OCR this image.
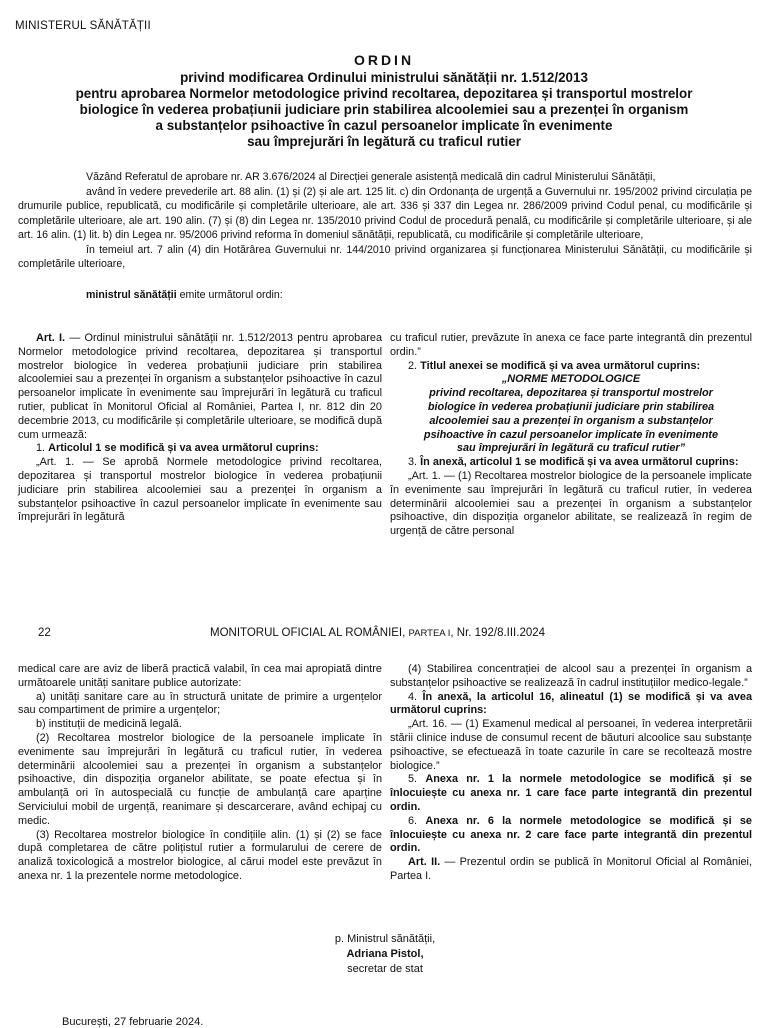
MINISTERUL SĂNĂTĂȚII
ORDIN
privind modificarea Ordinului ministrului sănătății nr. 1.512/2013
pentru aprobarea Normelor metodologice privind recoltarea, depozitarea și transportul mostrelor
biologice în vederea probațiunii judiciare prin stabilirea alcoolemiei sau a prezenței în organism
a substanțelor psihoactive în cazul persoanelor implicate în evenimente
sau împrejurări în legătură cu traficul rutier

Văzând Referatul de aprobare nr. AR 3.676/2024 al Direcției generale asistență medicală din cadrul Ministerului Sănătății,

având în vedere prevederile art. 88 alin. (1) și (2) și ale art. 125 lit. c) din Ordonanța de urgență a Guvernului nr. 195/2002 privind circulația pe drumurile publice, republicată, cu modificările și completările ulterioare, ale art. 336 și 337 din Legea nr. 286/2009 privind Codul penal, cu modificările și completările ulterioare, ale art. 190 alin. (7) și (8) din Legea nr. 135/2010 privind Codul de procedură penală, cu modificările și completările ulterioare, și ale art. 16 alin. (1) lit. b) din Legea nr. 95/2006 privind reforma în domeniul sănătății, republicată, cu modificările și completările ulterioare,

în temeiul art. 7 alin (4) din Hotărârea Guvernului nr. 144/2010 privind organizarea și funcționarea Ministerului Sănătății, cu modificările și completările ulterioare,

ministrul sănătății emite următorul ordin:

Art. I. — Ordinul ministrului sănătății nr. 1.512/2013 pentru aprobarea Normelor metodologice privind recoltarea, depozitarea și transportul mostrelor biologice în vederea probațiunii judiciare prin stabilirea alcoolemiei sau a prezenței în organism a substanțelor psihoactive în cazul persoanelor implicate în evenimente sau împrejurări în legătură cu traficul rutier, publicat în Monitorul Oficial al României, Partea I, nr. 812 din 20 decembrie 2013, cu modificările și completările ulterioare, se modifică după cum urmează:

1. Articolul 1 se modifică și va avea următorul cuprins:

„Art. 1. — Se aprobă Normele metodologice privind recoltarea, depozitarea și transportul mostrelor biologice în vederea probațiunii judiciare prin stabilirea alcoolemiei sau a prezenței în organism a substanțelor psihoactive în cazul persoanelor implicate în evenimente sau împrejurări în legătură

cu traficul rutier, prevăzute în anexa ce face parte integrantă din prezentul ordin.”

2. Titlul anexei se modifică și va avea următorul cuprins:

„NORME METODOLOGICE

privind recoltarea, depozitarea și transportul mostrelor

biologice în vederea probațiunii judiciare prin stabilirea

alcoolemiei sau a prezenței în organism a substanțelor

psihoactive în cazul persoanelor implicate în evenimente

sau împrejurări în legătură cu traficul rutier”

3. În anexă, articolul 1 se modifică și va avea următorul cuprins:

„Art. 1. — (1) Recoltarea mostrelor biologice de la persoanele implicate în evenimente sau împrejurări în legătură cu traficul rutier, în vederea determinării alcoolemiei sau a prezenței în organism a substanțelor psihoactive, din dispoziția organelor abilitate, se realizează în regim de urgență de către personal

22	MONITORUL OFICIAL AL ROMÂNIEI, PARTEA I, Nr. 192/8.III.2024

medical care are aviz de liberă practică valabil, în cea mai apropiată dintre următoarele unități sanitare publice autorizate:

a) unități sanitare care au în structură unitate de primire a urgențelor sau compartiment de primire a urgențelor;

b) instituții de medicină legală.

(2) Recoltarea mostrelor biologice de la persoanele implicate în evenimente sau împrejurări în legătură cu traficul rutier, în vederea determinării alcoolemiei sau a prezenței în organism a substanțelor psihoactive, din dispoziția organelor abilitate, se poate efectua și în ambulanță ori în autospecială cu funcție de ambulanță care aparține Serviciului mobil de urgență, reanimare și descarcerare, având echipaj cu medic.

(3) Recoltarea mostrelor biologice în condițiile alin. (1) și (2) se face după completarea de către polițistul rutier a formularului de cerere de analiză toxicologică a mostrelor biologice, al cărui model este prevăzut în anexa nr. 1 la prezentele norme metodologice.

(4) Stabilirea concentrației de alcool sau a prezenței în organism a substanțelor psihoactive se realizează în cadrul instituțiilor medico-legale.”

4. În anexă, la articolul 16, alineatul (1) se modifică și va avea următorul cuprins:

„Art. 16. — (1) Examenul medical al persoanei, în vederea interpretării stării clinice induse de consumul recent de băuturi alcoolice sau substanțe psihoactive, se efectuează în toate cazurile în care se recoltează mostre biologice.”

5. Anexa nr. 1 la normele metodologice se modifică și se înlocuiește cu anexa nr. 1 care face parte integrantă din prezentul ordin.

6. Anexa nr. 6 la normele metodologice se modifică și se înlocuiește cu anexa nr. 2 care face parte integrantă din prezentul ordin.

Art. II. — Prezentul ordin se publică în Monitorul Oficial al României, Partea I.

p. Ministrul sănătății,
Adriana Pistol,
secretar de stat
București, 27 februarie 2024.
